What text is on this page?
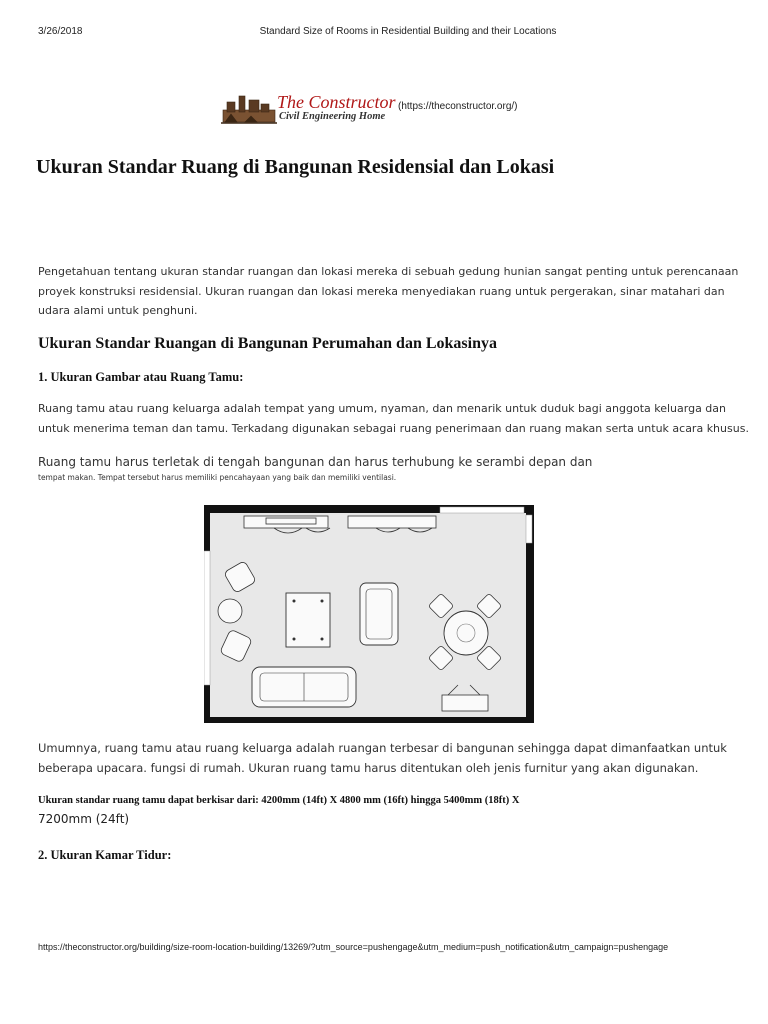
3/26/2018	Standard Size of Rooms in Residential Building and their Locations
The Constructor
Civil Engineering Home
(https://theconstructor.org/)
Ukuran Standar Ruang di Bangunan Residensial dan Lokasi

Pengetahuan tentang ukuran standar ruangan dan lokasi mereka di sebuah gedung hunian sangat penting untuk perencanaan proyek konstruksi residensial. Ukuran ruangan dan lokasi mereka menyediakan ruang untuk pergerakan, sinar matahari dan udara alami untuk penghuni.

Ukuran Standar Ruangan di Bangunan Perumahan dan Lokasinya
1. Ukuran Gambar atau Ruang Tamu:

Ruang tamu atau ruang keluarga adalah tempat yang umum, nyaman, dan menarik untuk duduk bagi anggota keluarga dan untuk menerima teman dan tamu. Terkadang digunakan sebagai ruang penerimaan dan ruang makan serta untuk acara khusus.

Ruang tamu harus terletak di tengah bangunan dan harus terhubung ke serambi depan dan

tempat makan. Tempat tersebut harus memiliki pencahayaan yang baik dan memiliki ventilasi.

Umumnya, ruang tamu atau ruang keluarga adalah ruangan terbesar di bangunan sehingga dapat dimanfaatkan untuk beberapa upacara. fungsi di rumah. Ukuran ruang tamu harus ditentukan oleh jenis furnitur yang akan digunakan.

Ukuran standar ruang tamu dapat berkisar dari: 4200mm (14ft) X 4800 mm (16ft) hingga 5400mm (18ft) X
7200mm (24ft)
2. Ukuran Kamar Tidur:
https://theconstructor.org/building/size-room-location-building/13269/?utm_source=pushengage&utm_medium=push_notification&utm_campaign=pushengage
